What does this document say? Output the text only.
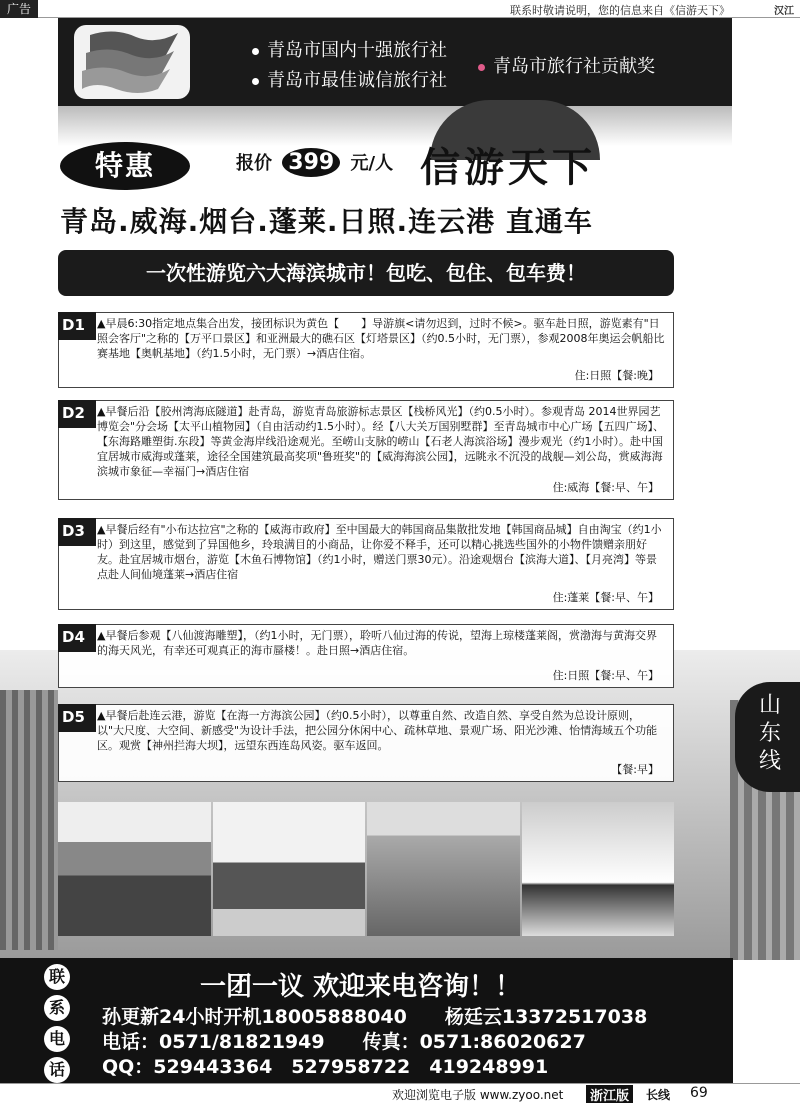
广告	联系时敬请说明，您的信息来自《信游天下》	汉江
青岛市国内十强旅行社
青岛市最佳诚信旅行社
青岛市旅行社贡献奖
特惠	报价 399 元/人 信游天下
青岛.威海.烟台.蓬莱.日照.连云港 直通车
一次性游览六大海滨城市！包吃、包住、包车费！
D1	▲早晨6:30指定地点集合出发，接团标识为黄色【　　】导游旗<请勿迟到，过时不候>。驱车赴日照，游览素有"日照会客厅"之称的【万平口景区】和亚洲最大的礁石区【灯塔景区】（约0.5小时，无门票），参观2008年奥运会帆船比赛基地【奥帆基地】（约1.5小时，无门票）→酒店住宿。
住:日照【餐:晚】
D2	▲早餐后沿【胶州湾海底隧道】赴青岛，游览青岛旅游标志景区【栈桥风光】（约0.5小时）。参观青岛 2014世界园艺博览会"分会场【太平山植物园】（自由活动约1.5小时）。经【八大关万国别墅群】至青岛城市中心广场【五四广场】、【东海路雕塑街.东段】等黄金海岸线沿途观光。至崂山支脉的崂山【石老人海滨浴场】漫步观光（约1小时）。赴中国宜居城市威海或蓬莱，途径全国建筑最高奖项"鲁班奖"的【威海海滨公园】，远眺永不沉没的战舰—刘公岛，赏威海海滨城市象征—幸福门→酒店住宿
住:威海【餐:早、午】
D3	▲早餐后经有"小布达拉宫"之称的【威海市政府】至中国最大的韩国商品集散批发地【韩国商品城】自由淘宝（约1小时）到这里，感觉到了异国他乡，玲琅满目的小商品，让你爱不释手，还可以精心挑选些国外的小物件馈赠亲朋好友。赴宜居城市烟台，游览【木鱼石博物馆】（约1小时，赠送门票30元）。沿途观烟台【滨海大道】、【月亮湾】等景点赴人间仙境蓬莱→酒店住宿
住:蓬莱【餐:早、午】
D4	▲早餐后参观【八仙渡海雕塑】，（约1小时，无门票），聆听八仙过海的传说，望海上琼楼蓬莱阁，赏渤海与黄海交界的海天风光，有幸还可观真正的海市蜃楼！。赴日照→酒店住宿。
住:日照【餐:早、午】
D5	▲早餐后赴连云港，游览【在海一方海滨公园】（约0.5小时），以尊重自然、改造自然、享受自然为总设计原则，以"大尺度、大空间、新感受"为设计手法，把公园分休闲中心、疏林草地、景观广场、阳光沙滩、怡情海域五个功能区。观赏【神州拦海大坝】，远望东西连岛风姿。驱车返回。
【餐:早】
山东线
联
系
电
话
一团一议 欢迎来电咨询！！
孙更新24小时开机18005888040　　杨廷云13372517038
电话：0571/81821949　　传真：0571:86020627
QQ：529443364　527958722　419248991
欢迎浏览电子版 www.zyoo.net	浙江版	长线 69
